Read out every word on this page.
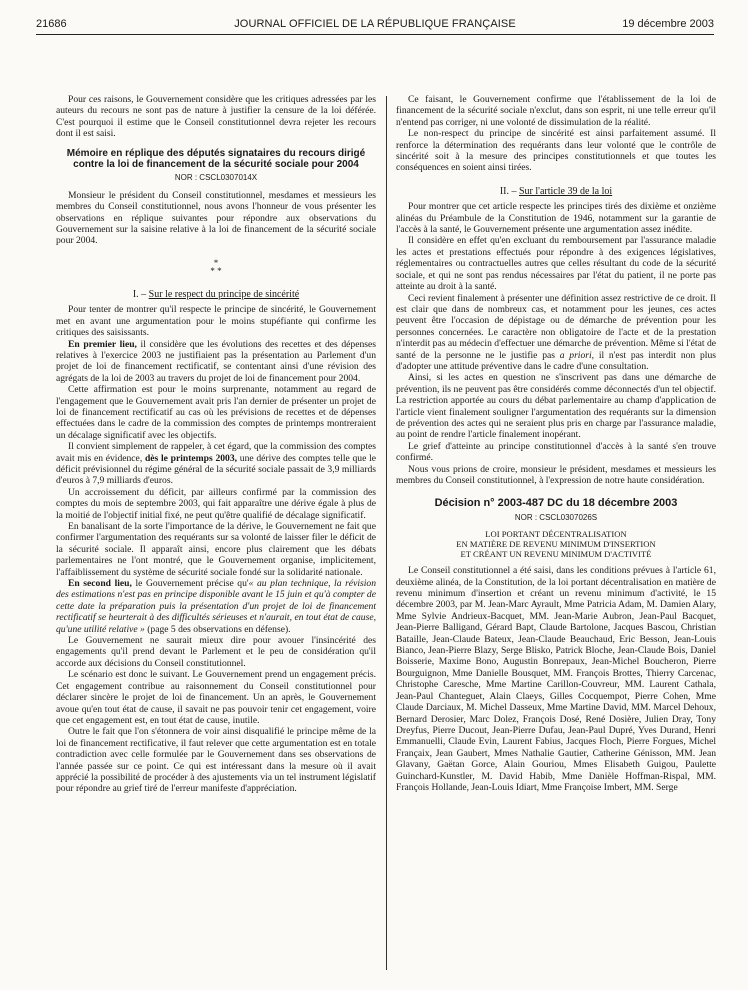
21686	JOURNAL OFFICIEL DE LA RÉPUBLIQUE FRANÇAISE	19 décembre 2003

Pour ces raisons, le Gouvernement considère que les critiques adressées par les auteurs du recours ne sont pas de nature à justifier la censure de la loi déférée. C'est pourquoi il estime que le Conseil constitutionnel devra rejeter les recours dont il est saisi.

Mémoire en réplique des députés signataires du recours dirigé contre la loi de financement de la sécurité sociale pour 2004

NOR : CSCL0307014X

Monsieur le président du Conseil constitutionnel, mesdames et messieurs les membres du Conseil constitutionnel, nous avons l'honneur de vous présenter les observations en réplique suivantes pour répondre aux observations du Gouvernement sur la saisine relative à la loi de financement de la sécurité sociale pour 2004.

*
* *
I. – Sur le respect du principe de sincérité

Pour tenter de montrer qu'il respecte le principe de sincérité, le Gouvernement met en avant une argumentation pour le moins stupéfiante qui confirme les critiques des saisissants.

En premier lieu, il considère que les évolutions des recettes et des dépenses relatives à l'exercice 2003 ne justifiaient pas la présentation au Parlement d'un projet de loi de financement rectificatif, se contentant ainsi d'une révision des agrégats de la loi de 2003 au travers du projet de loi de financement pour 2004.

Cette affirmation est pour le moins surprenante, notamment au regard de l'engagement que le Gouvernement avait pris l'an dernier de présenter un projet de loi de financement rectificatif au cas où les prévisions de recettes et de dépenses effectuées dans le cadre de la commission des comptes de printemps montreraient un décalage significatif avec les objectifs.

Il convient simplement de rappeler, à cet égard, que la commission des comptes avait mis en évidence, dès le printemps 2003, une dérive des comptes telle que le déficit prévisionnel du régime général de la sécurité sociale passait de 3,9 milliards d'euros à 7,9 milliards d'euros.

Un accroissement du déficit, par ailleurs confirmé par la commission des comptes du mois de septembre 2003, qui fait apparaître une dérive égale à plus de la moitié de l'objectif initial fixé, ne peut qu'être qualifié de décalage significatif.

En banalisant de la sorte l'importance de la dérive, le Gouvernement ne fait que confirmer l'argumentation des requérants sur sa volonté de laisser filer le déficit de la sécurité sociale. Il apparaît ainsi, encore plus clairement que les débats parlementaires ne l'ont montré, que le Gouvernement organise, implicitement, l'affaiblissement du système de sécurité sociale fondé sur la solidarité nationale.

En second lieu, le Gouvernement précise qu'« au plan technique, la révision des estimations n'est pas en principe disponible avant le 15 juin et qu'à compter de cette date la préparation puis la présentation d'un projet de loi de financement rectificatif se heurterait à des difficultés sérieuses et n'aurait, en tout état de cause, qu'une utilité relative » (page 5 des observations en défense).

Le Gouvernement ne saurait mieux dire pour avouer l'insincérité des engagements qu'il prend devant le Parlement et le peu de considération qu'il accorde aux décisions du Conseil constitutionnel.

Le scénario est donc le suivant. Le Gouvernement prend un engagement précis. Cet engagement contribue au raisonnement du Conseil constitutionnel pour déclarer sincère le projet de loi de financement. Un an après, le Gouvernement avoue qu'en tout état de cause, il savait ne pas pouvoir tenir cet engagement, voire que cet engagement est, en tout état de cause, inutile.

Outre le fait que l'on s'étonnera de voir ainsi disqualifié le principe même de la loi de financement rectificative, il faut relever que cette argumentation est en totale contradiction avec celle formulée par le Gouvernement dans ses observations de l'année passée sur ce point. Ce qui est intéressant dans la mesure où il avait apprécié la possibilité de procéder à des ajustements via un tel instrument législatif pour répondre au grief tiré de l'erreur manifeste d'appréciation.

Ce faisant, le Gouvernement confirme que l'établissement de la loi de financement de la sécurité sociale n'exclut, dans son esprit, ni une telle erreur qu'il n'entend pas corriger, ni une volonté de dissimulation de la réalité.

Le non-respect du principe de sincérité est ainsi parfaitement assumé. Il renforce la détermination des requérants dans leur volonté que le contrôle de sincérité soit à la mesure des principes constitutionnels et que toutes les conséquences en soient ainsi tirées.

II. – Sur l'article 39 de la loi

Pour montrer que cet article respecte les principes tirés des dixième et onzième alinéas du Préambule de la Constitution de 1946, notamment sur la garantie de l'accès à la santé, le Gouvernement présente une argumentation assez inédite.

Il considère en effet qu'en excluant du remboursement par l'assurance maladie les actes et prestations effectués pour répondre à des exigences législatives, réglementaires ou contractuelles autres que celles résultant du code de la sécurité sociale, et qui ne sont pas rendus nécessaires par l'état du patient, il ne porte pas atteinte au droit à la santé.

Ceci revient finalement à présenter une définition assez restrictive de ce droit. Il est clair que dans de nombreux cas, et notamment pour les jeunes, ces actes peuvent être l'occasion de dépistage ou de démarche de prévention pour les personnes concernées. Le caractère non obligatoire de l'acte et de la prestation n'interdit pas au médecin d'effectuer une démarche de prévention. Même si l'état de santé de la personne ne le justifie pas a priori, il n'est pas interdit non plus d'adopter une attitude préventive dans le cadre d'une consultation.

Ainsi, si les actes en question ne s'inscrivent pas dans une démarche de prévention, ils ne peuvent pas être considérés comme déconnectés d'un tel objectif. La restriction apportée au cours du débat parlementaire au champ d'application de l'article vient finalement souligner l'argumentation des requérants sur la dimension de prévention des actes qui ne seraient plus pris en charge par l'assurance maladie, au point de rendre l'article finalement inopérant.

Le grief d'atteinte au principe constitutionnel d'accès à la santé s'en trouve confirmé.

Nous vous prions de croire, monsieur le président, mesdames et messieurs les membres du Conseil constitutionnel, à l'expression de notre haute considération.

Décision n° 2003-487 DC du 18 décembre 2003
NOR : CSCL0307026S
LOI PORTANT DÉCENTRALISATION
EN MATIÈRE DE REVENU MINIMUM D'INSERTION
ET CRÉANT UN REVENU MINIMUM D'ACTIVITÉ

Le Conseil constitutionnel a été saisi, dans les conditions prévues à l'article 61, deuxième alinéa, de la Constitution, de la loi portant décentralisation en matière de revenu minimum d'insertion et créant un revenu minimum d'activité, le 15 décembre 2003, par M. Jean-Marc Ayrault, Mme Patricia Adam, M. Damien Alary, Mme Sylvie Andrieux-Bacquet, MM. Jean-Marie Aubron, Jean-Paul Bacquet, Jean-Pierre Balligand, Gérard Bapt, Claude Bartolone, Jacques Bascou, Christian Bataille, Jean-Claude Bateux, Jean-Claude Beauchaud, Eric Besson, Jean-Louis Bianco, Jean-Pierre Blazy, Serge Blisko, Patrick Bloche, Jean-Claude Bois, Daniel Boisserie, Maxime Bono, Augustin Bonrepaux, Jean-Michel Boucheron, Pierre Bourguignon, Mme Danielle Bousquet, MM. François Brottes, Thierry Carcenac, Christophe Caresche, Mme Martine Carillon-Couvreur, MM. Laurent Cathala, Jean-Paul Chanteguet, Alain Claeys, Gilles Cocquempot, Pierre Cohen, Mme Claude Darciaux, M. Michel Dasseux, Mme Martine David, MM. Marcel Dehoux, Bernard Derosier, Marc Dolez, François Dosé, René Dosière, Julien Dray, Tony Dreyfus, Pierre Ducout, Jean-Pierre Dufau, Jean-Paul Dupré, Yves Durand, Henri Emmanuelli, Claude Evin, Laurent Fabius, Jacques Floch, Pierre Forgues, Michel Françaix, Jean Gaubert, Mmes Nathalie Gautier, Catherine Génisson, MM. Jean Glavany, Gaëtan Gorce, Alain Gouriou, Mmes Elisabeth Guigou, Paulette Guinchard-Kunstler, M. David Habib, Mme Danièle Hoffman-Rispal, MM. François Hollande, Jean-Louis Idiart, Mme Françoise Imbert, MM. Serge
